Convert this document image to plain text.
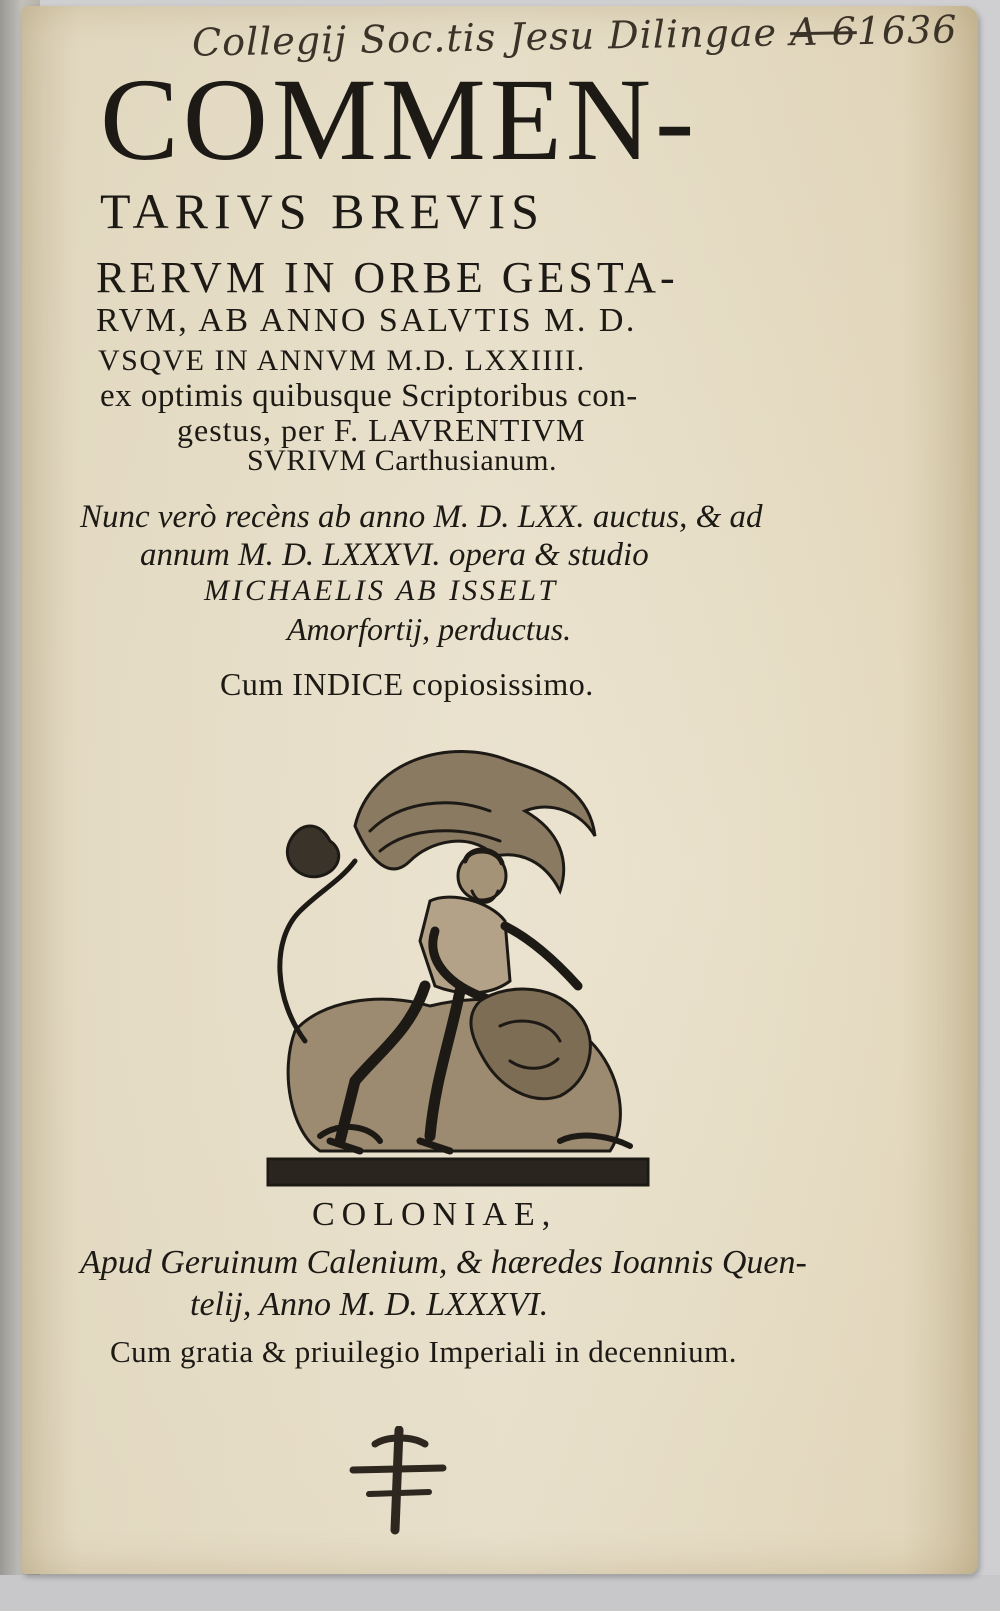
Collegij Soc.tis Jesu Dilingae A 61636
COMMEN-
TARIVS BREVIS
RERVM IN ORBE GESTA-
RVM, AB ANNO SALVTIS M. D.
VSQVE IN ANNVM M.D. LXXIIII.
ex optimis quibusque Scriptoribus con-
gestus, per F. LAVRENTIVM
SVRIVM Carthusianum.
Nunc verò recèns ab anno M. D. LXX. auctus, & ad
annum M. D. LXXXVI. opera & studio
MICHAELIS AB ISSELT
Amorfortij, perductus.
Cum INDICE copiosissimo.
COLONIAE,
Apud Geruinum Calenium, & hæredes Ioannis Quen-
telij, Anno M. D. LXXXVI.
Cum gratia & priuilegio Imperiali in decennium.
